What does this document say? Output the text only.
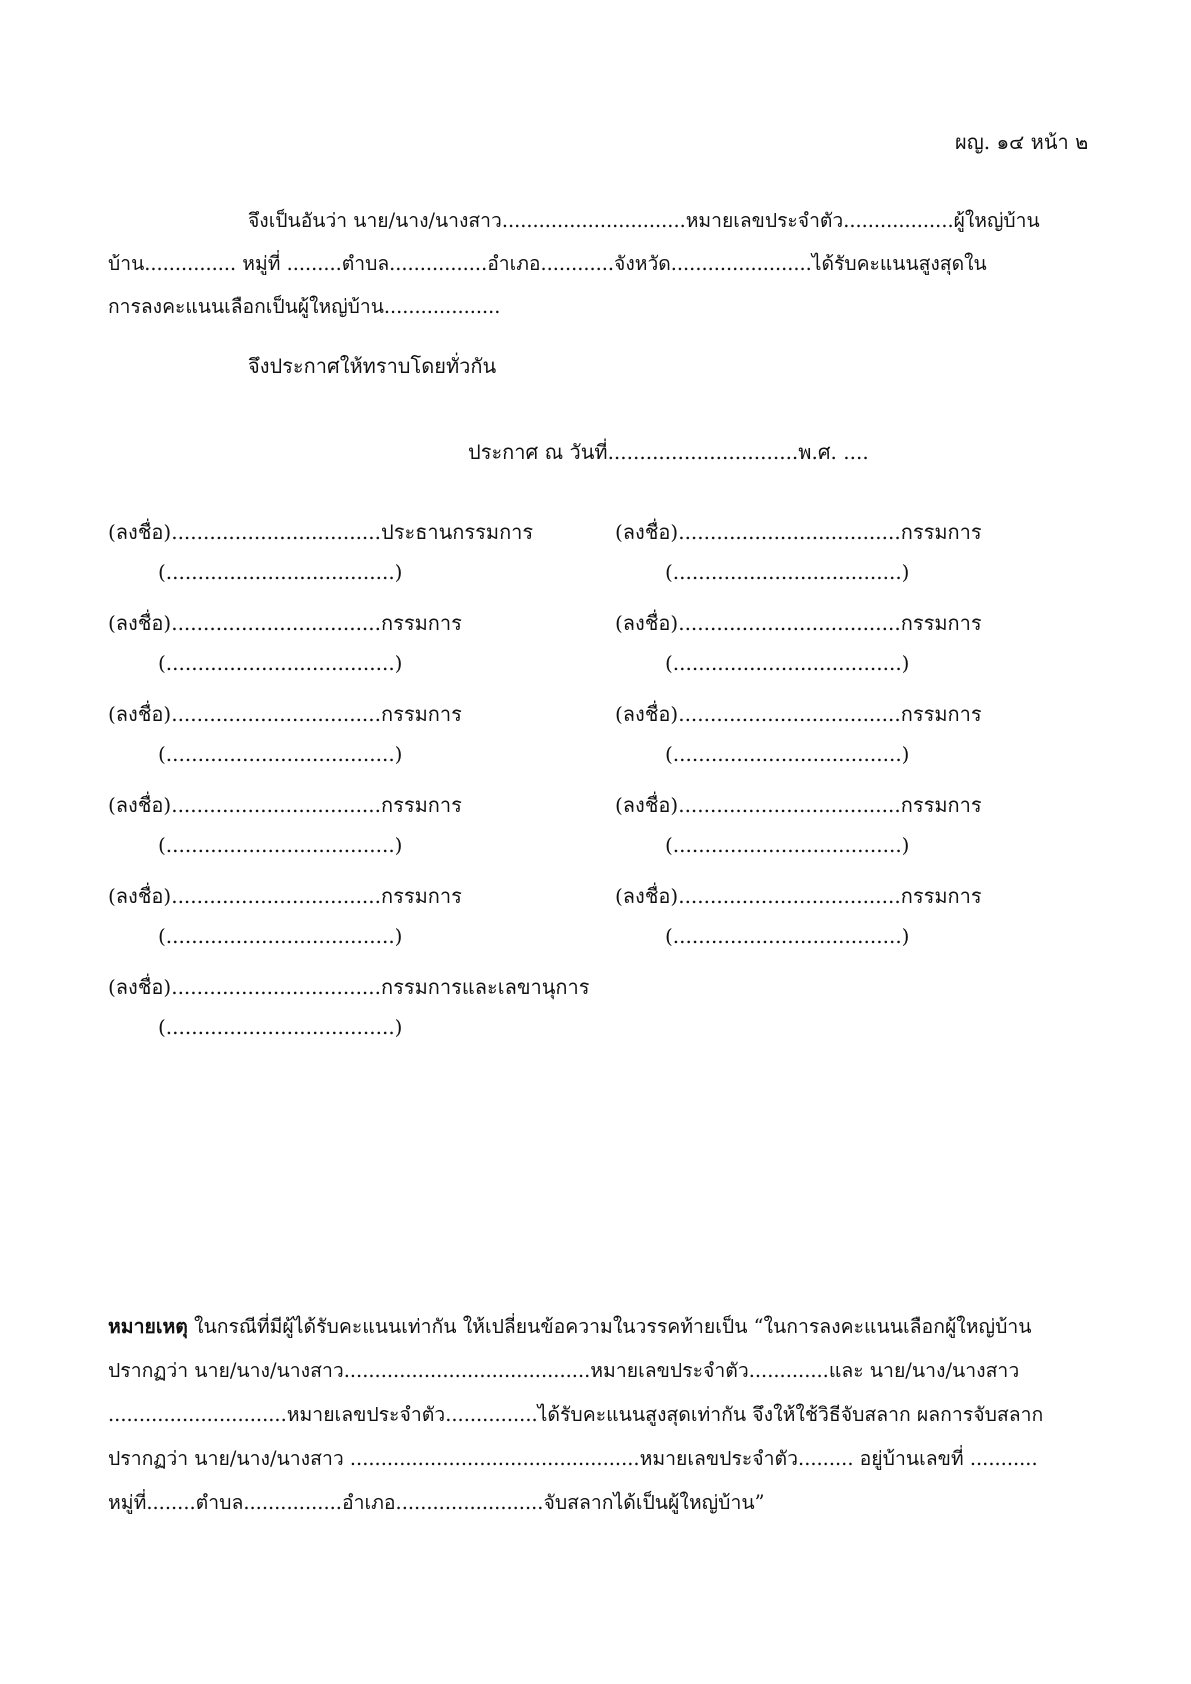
ผญ. ๑๔ หน้า ๒
จึงเป็นอันว่า นาย/นาง/นางสาว..............................หมายเลขประจำตัว..................ผู้ใหญ่บ้าน
บ้าน............... หมู่ที่ .........ตำบล................อำเภอ............จังหวัด.......................ได้รับคะแนนสูงสุดใน
การลงคะแนนเลือกเป็นผู้ใหญ่บ้าน...................
จึงประกาศให้ทราบโดยทั่วกัน
ประกาศ ณ วันที่..............................พ.ศ. ....
(ลงชื่อ).................................ประธานกรรมการ
(....................................)
(ลงชื่อ).................................กรรมการ
(....................................)
(ลงชื่อ).................................กรรมการ
(....................................)
(ลงชื่อ).................................กรรมการ
(....................................)
(ลงชื่อ).................................กรรมการ
(....................................)
(ลงชื่อ).................................กรรมการและเลขานุการ
(....................................)
(ลงชื่อ)...................................กรรมการ
(....................................)
(ลงชื่อ)...................................กรรมการ
(....................................)
(ลงชื่อ)...................................กรรมการ
(....................................)
(ลงชื่อ)...................................กรรมการ
(....................................)
(ลงชื่อ)...................................กรรมการ
(....................................)
หมายเหตุ ในกรณีที่มีผู้ได้รับคะแนนเท่ากัน ให้เปลี่ยนข้อความในวรรคท้ายเป็น “ในการลงคะแนนเลือกผู้ใหญ่บ้าน
ปรากฏว่า นาย/นาง/นางสาว........................................หมายเลขประจำตัว.............และ นาย/นาง/นางสาว
.............................หมายเลขประจำตัว...............ได้รับคะแนนสูงสุดเท่ากัน จึงให้ใช้วิธีจับสลาก ผลการจับสลาก
ปรากฏว่า นาย/นาง/นางสาว ...............................................หมายเลขประจำตัว......... อยู่บ้านเลขที่ ...........
หมู่ที่........ตำบล................อำเภอ........................จับสลากได้เป็นผู้ใหญ่บ้าน”
